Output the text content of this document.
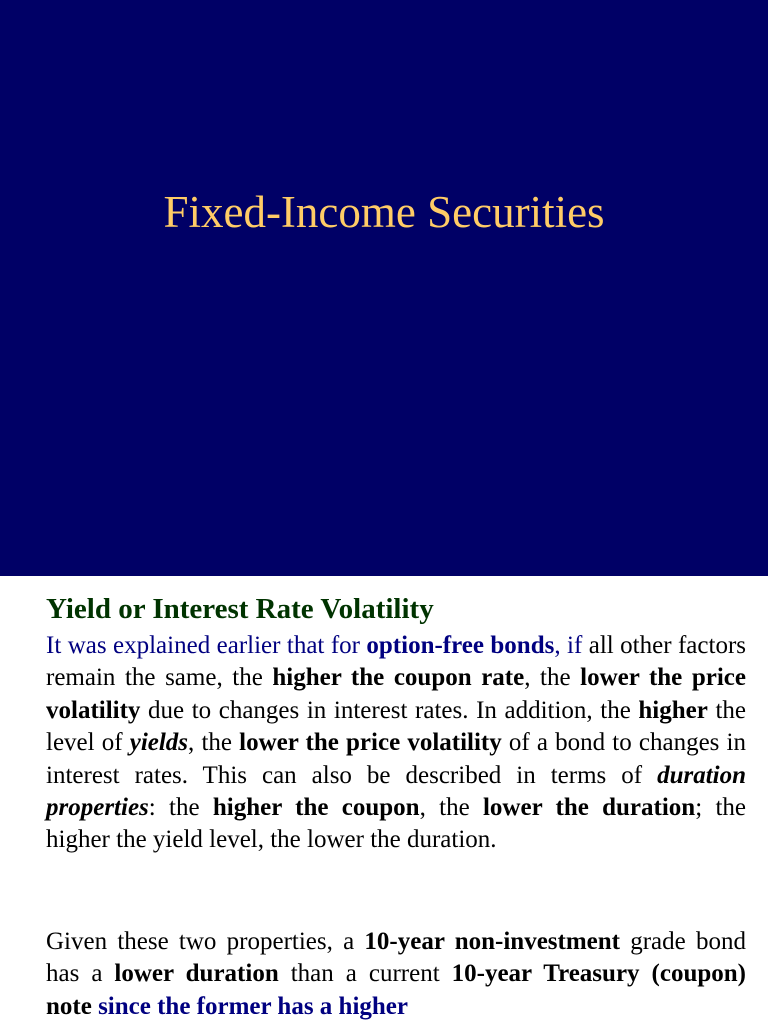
Fixed-Income Securities
Yield or Interest Rate Volatility

It was explained earlier that for option-free bonds, if all other factors remain the same, the higher the coupon rate, the lower the price volatility due to changes in interest rates. In addition, the higher the level of yields, the lower the price volatility of a bond to changes in interest rates. This can also be described in terms of duration properties: the higher the coupon, the lower the duration; the higher the yield level, the lower the duration.

Given these two properties, a 10-year non-investment grade bond has a lower duration than a current 10-year Treasury (coupon) note since the former has a higher
